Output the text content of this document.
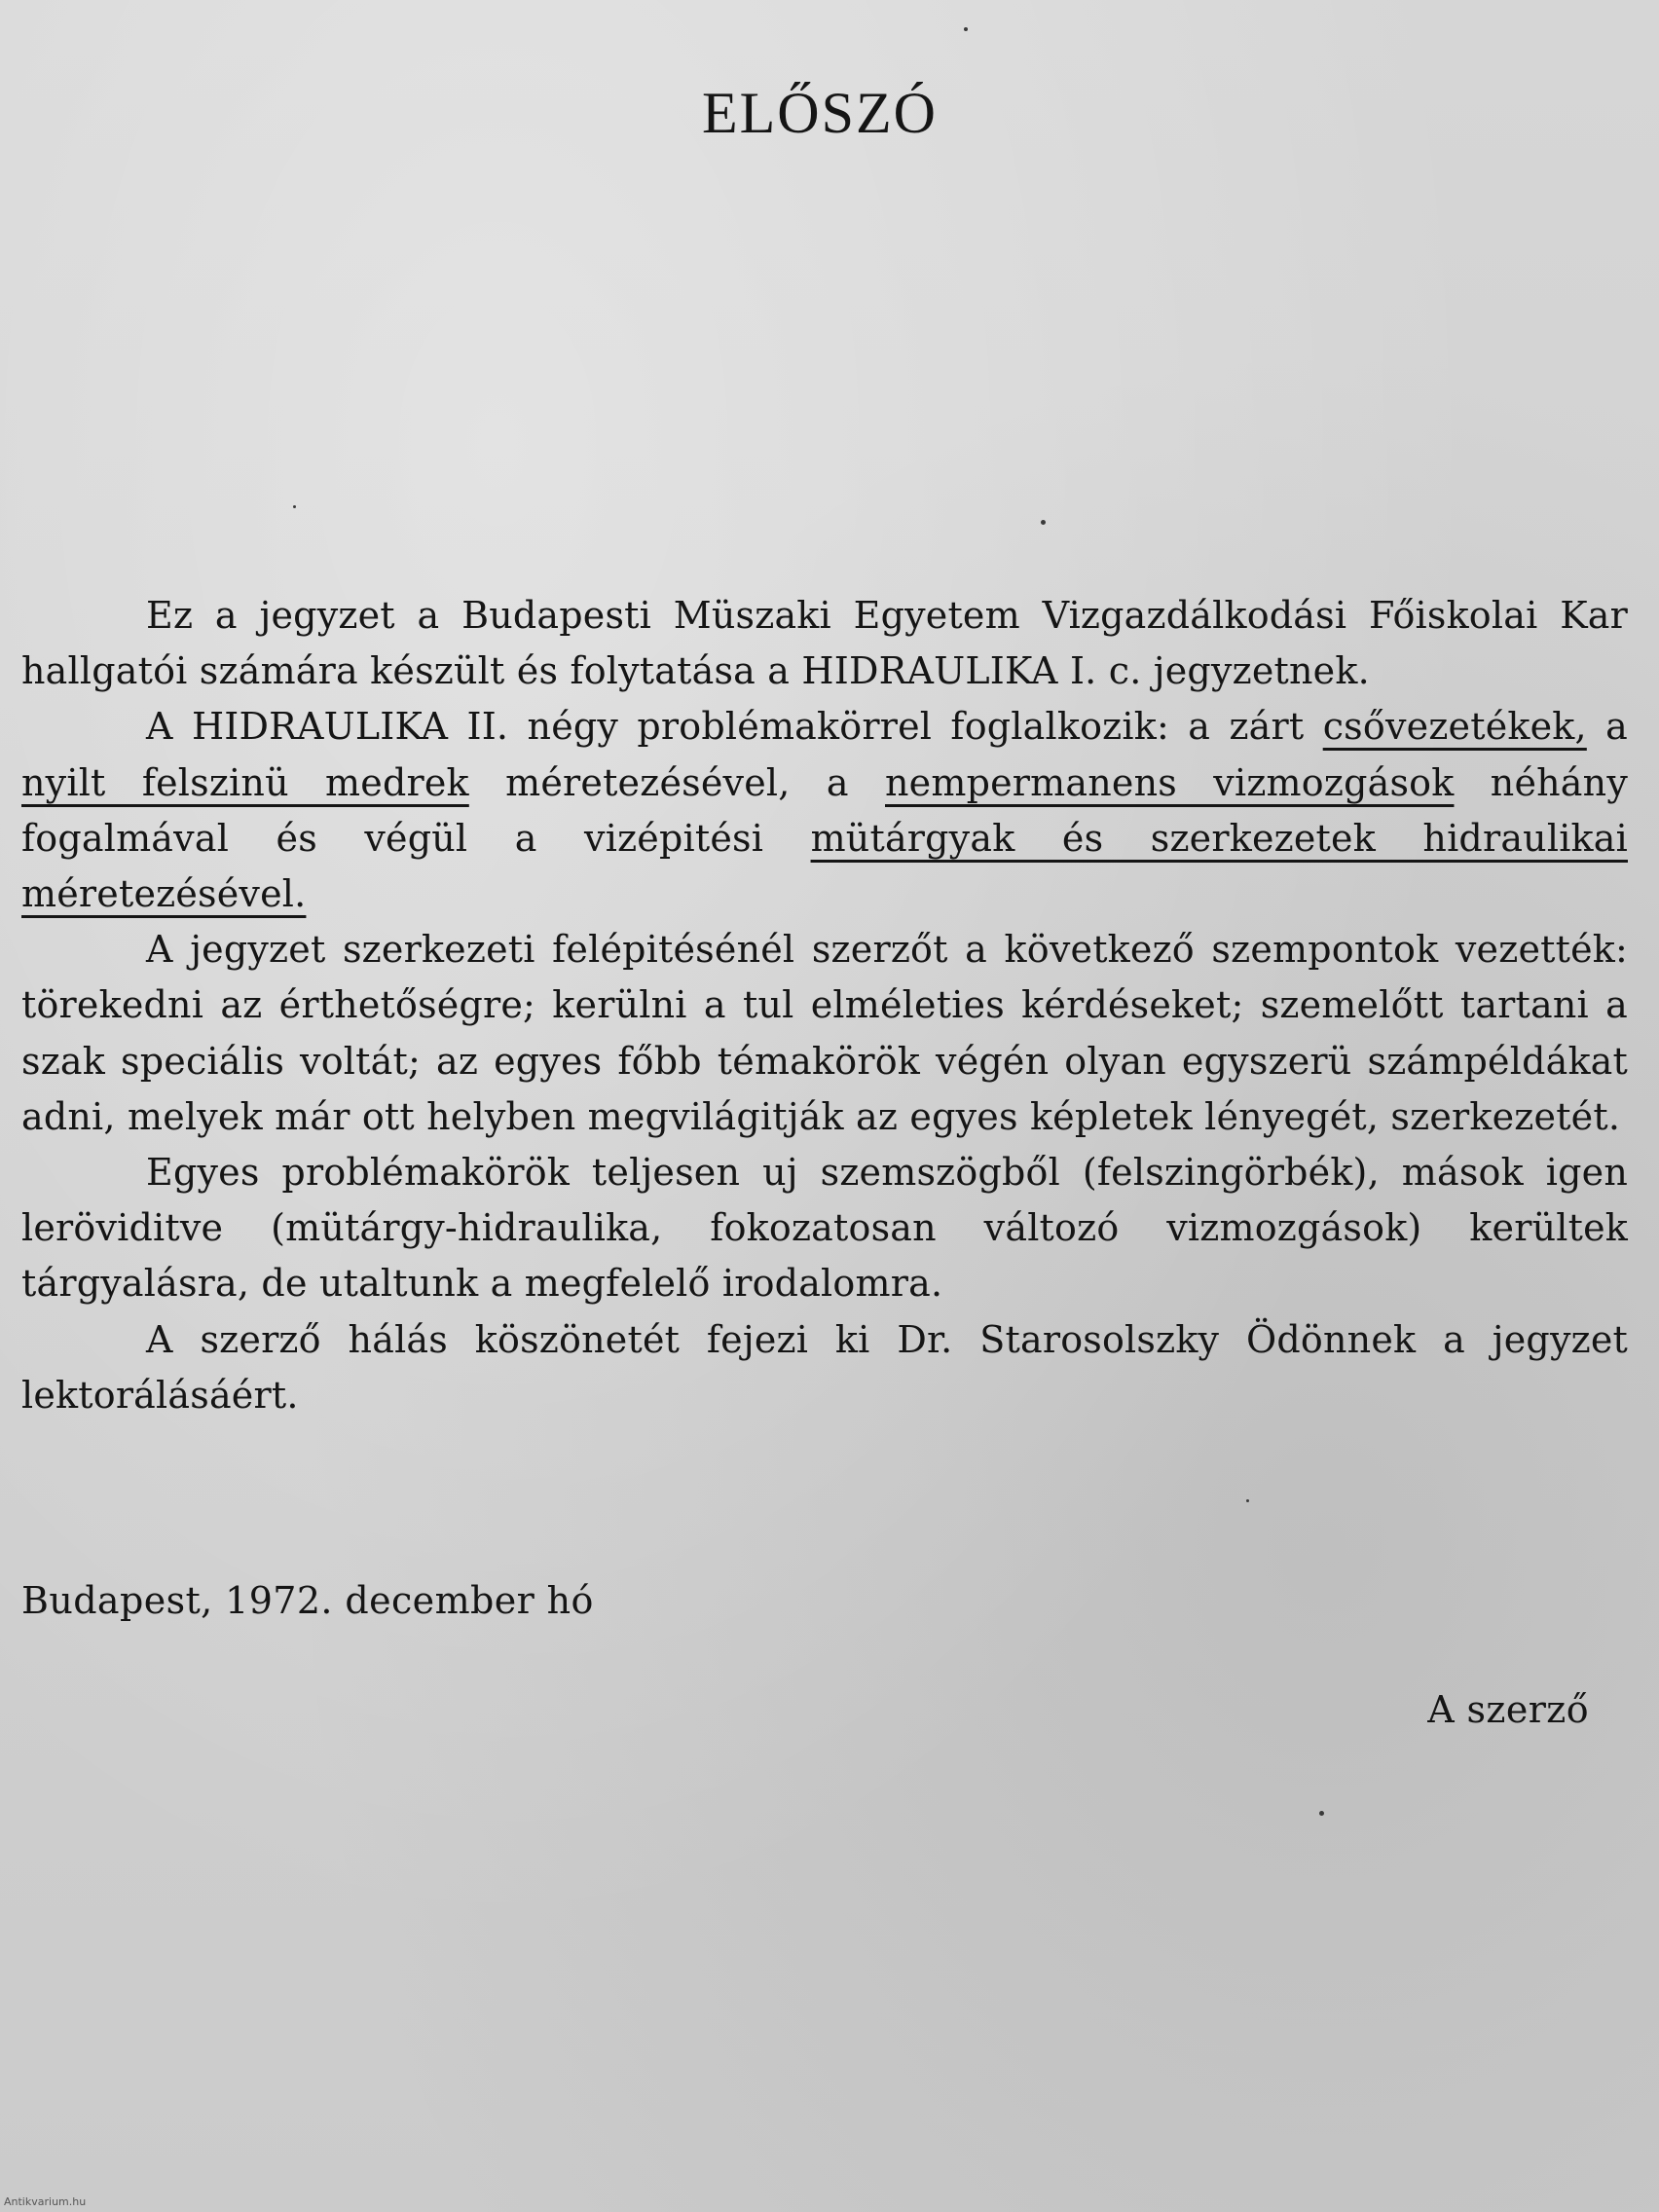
ELŐSZÓ

Ez a jegyzet a Budapesti Müszaki Egyetem Vizgazdálkodási Főiskolai Kar hallgatói számára készült és folytatása a HIDRAULIKA I. c. jegyzetnek.

A HIDRAULIKA II. négy problémakörrel foglalkozik: a zárt csővezetékek, a nyilt felszinü medrek méretezésével, a nempermanens vizmozgások néhány fogalmával és végül a vizépitési mütárgyak és szerkezetek hidraulikai méretezésével.

A jegyzet szerkezeti felépitésénél szerzőt a következő szempontok vezették: törekedni az érthetőségre; kerülni a tul elméleties kérdéseket; szemelőtt tartani a szak speciális voltát; az egyes főbb témakörök végén olyan egyszerü számpéldákat adni, melyek már ott helyben megvilágitják az egyes képletek lényegét, szerkezetét.

Egyes problémakörök teljesen uj szemszögből (felszingörbék), mások igen leröviditve (mütárgy-hidraulika, fokozatosan változó vizmozgások) kerültek tárgyalásra, de utaltunk a megfelelő irodalomra.

A szerző hálás köszönetét fejezi ki Dr. Starosolszky Ödönnek a jegyzet lektorálásáért.

Budapest, 1972. december hó
A szerző
Antikvarium.hu
